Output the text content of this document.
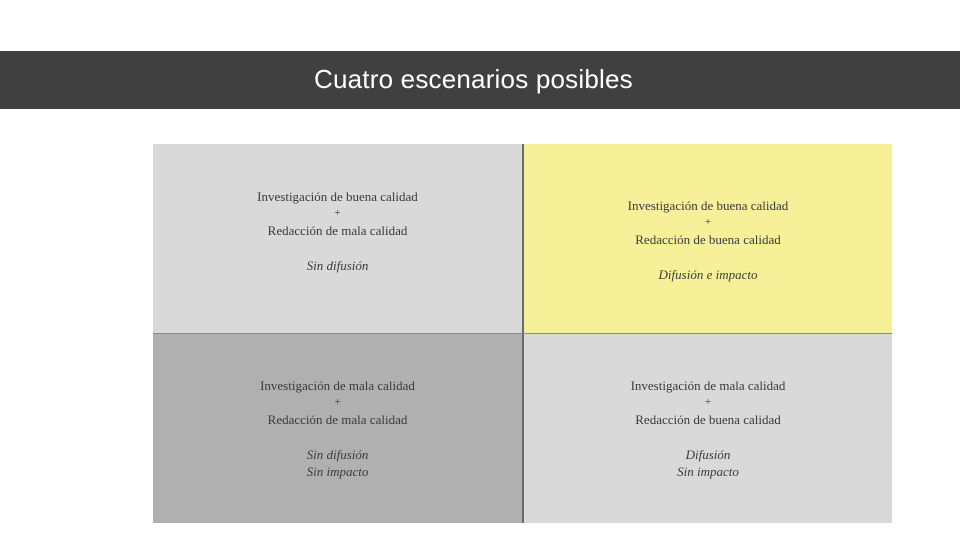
Cuatro escenarios posibles
Investigación de buena calidad
+
Redacción de mala calidad
Sin difusión
Investigación de buena calidad
+
Redacción de buena calidad
Difusión e impacto
Investigación de mala calidad
+
Redacción de mala calidad
Sin difusión
Sin impacto
Investigación de mala calidad
+
Redacción de buena calidad
Difusión
Sin impacto
